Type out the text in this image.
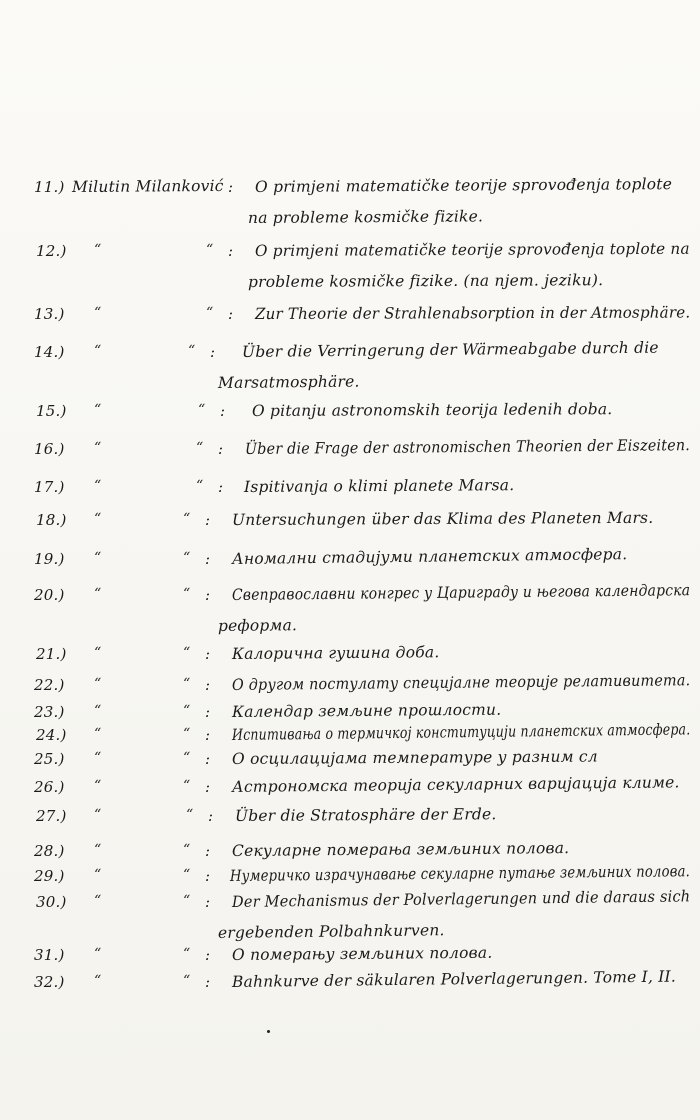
11.) Milutin Milanković : O primjeni matematičke teorije sprovođenja toplote
na probleme kosmičke fizike.
12.) “	“ : O primjeni matematičke teorije sprovođenja toplote na
probleme kosmičke fizike. (na njem. jeziku).
13.) “	“ : Zur Theorie der Strahlenabsorption in der Atmosphäre.
14.) “	“ : Über die Verringerung der Wärmeabgabe durch die
Marsatmosphäre.
15.) “	“ : O pitanju astronomskih teorija ledenih doba.
16.) “	“ : Über die Frage der astronomischen Theorien der Eiszeiten.
17.) “	“ : Ispitivanja o klimi planete Marsa.
18.) “	“ : Untersuchungen über das Klima des Planeten Mars.
19.) “	“ : Аномални стадијуми планетских атмосфера.
20.) “	“ : Свеправославни конгрес у Цариграду и његова календарска
реформа.
21.) “	“ : Калорична гушина доба.
22.) “	“ : О другом постулату специјалне теорије релативитета.
23.) “	“ : Календар земљине прошлости.
24.) “	“ : Испитивања о термичкој конституцији планетских атмосфера.
25.) “	“ : О осцилацијама температуре у разним сл
26.) “	“ : Астрономска теорија секуларних варијација климе.
27.) “	“ : Über die Stratosphäre der Erde.
28.) “	“ : Секуларне померања земљиних полова.
29.) “	“ : Нумеричко израчунавање секуларне путање земљиних полова.
30.) “	“ : Der Mechanismus der Polverlagerungen und die daraus sich
ergebenden Polbahnkurven.
31.) “	“ : О померању земљиних полова.
32.) “	“ : Bahnkurve der säkularen Polverlagerungen. Tome I, II.
